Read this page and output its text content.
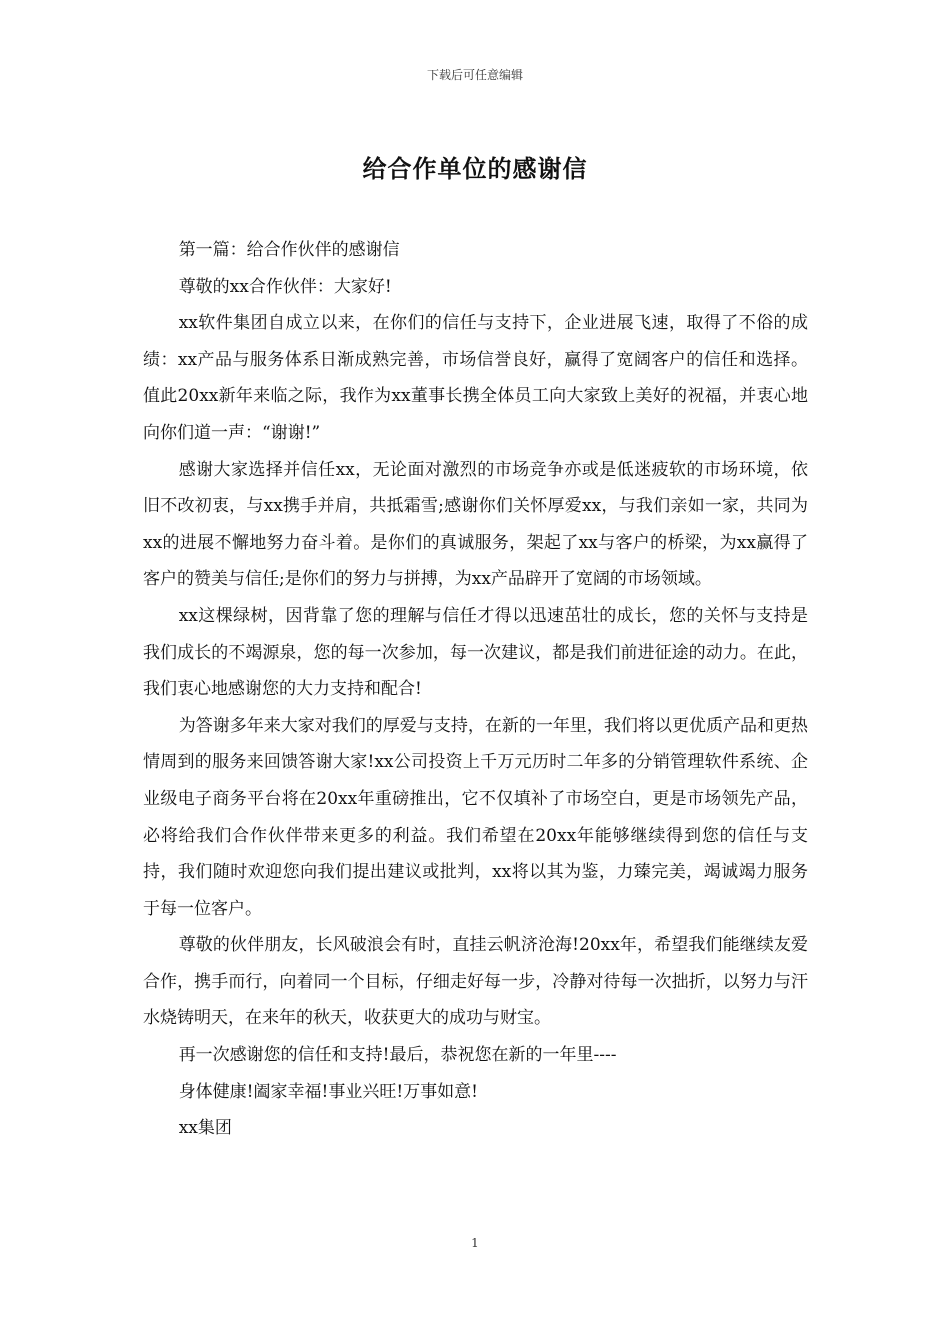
下载后可任意编辑
给合作单位的感谢信

第一篇：给合作伙伴的感谢信

尊敬的xx合作伙伴：大家好!

xx软件集团自成立以来，在你们的信任与支持下，企业进展飞速，取得了不俗的成绩：xx产品与服务体系日渐成熟完善，市场信誉良好，赢得了宽阔客户的信任和选择。值此20xx新年来临之际，我作为xx董事长携全体员工向大家致上美好的祝福，并衷心地向你们道一声：“谢谢!”

感谢大家选择并信任xx，无论面对激烈的市场竞争亦或是低迷疲软的市场环境，依旧不改初衷，与xx携手并肩，共抵霜雪;感谢你们关怀厚爱xx，与我们亲如一家，共同为xx的进展不懈地努力奋斗着。是你们的真诚服务，架起了xx与客户的桥梁，为xx赢得了客户的赞美与信任;是你们的努力与拼搏，为xx产品辟开了宽阔的市场领域。

xx这棵绿树，因背靠了您的理解与信任才得以迅速茁壮的成长，您的关怀与支持是我们成长的不竭源泉，您的每一次参加，每一次建议，都是我们前进征途的动力。在此，我们衷心地感谢您的大力支持和配合!

为答谢多年来大家对我们的厚爱与支持，在新的一年里，我们将以更优质产品和更热情周到的服务来回馈答谢大家!xx公司投资上千万元历时二年多的分销管理软件系统、企业级电子商务平台将在20xx年重磅推出，它不仅填补了市场空白，更是市场领先产品，必将给我们合作伙伴带来更多的利益。我们希望在20xx年能够继续得到您的信任与支持，我们随时欢迎您向我们提出建议或批判，xx将以其为鉴，力臻完美，竭诚竭力服务于每一位客户。

尊敬的伙伴朋友，长风破浪会有时，直挂云帆济沧海!20xx年，希望我们能继续友爱合作，携手而行，向着同一个目标，仔细走好每一步，冷静对待每一次拙折，以努力与汗水烧铸明天，在来年的秋天，收获更大的成功与财宝。

再一次感谢您的信任和支持!最后，恭祝您在新的一年里----

身体健康!阖家幸福!事业兴旺!万事如意!

xx集团

1
